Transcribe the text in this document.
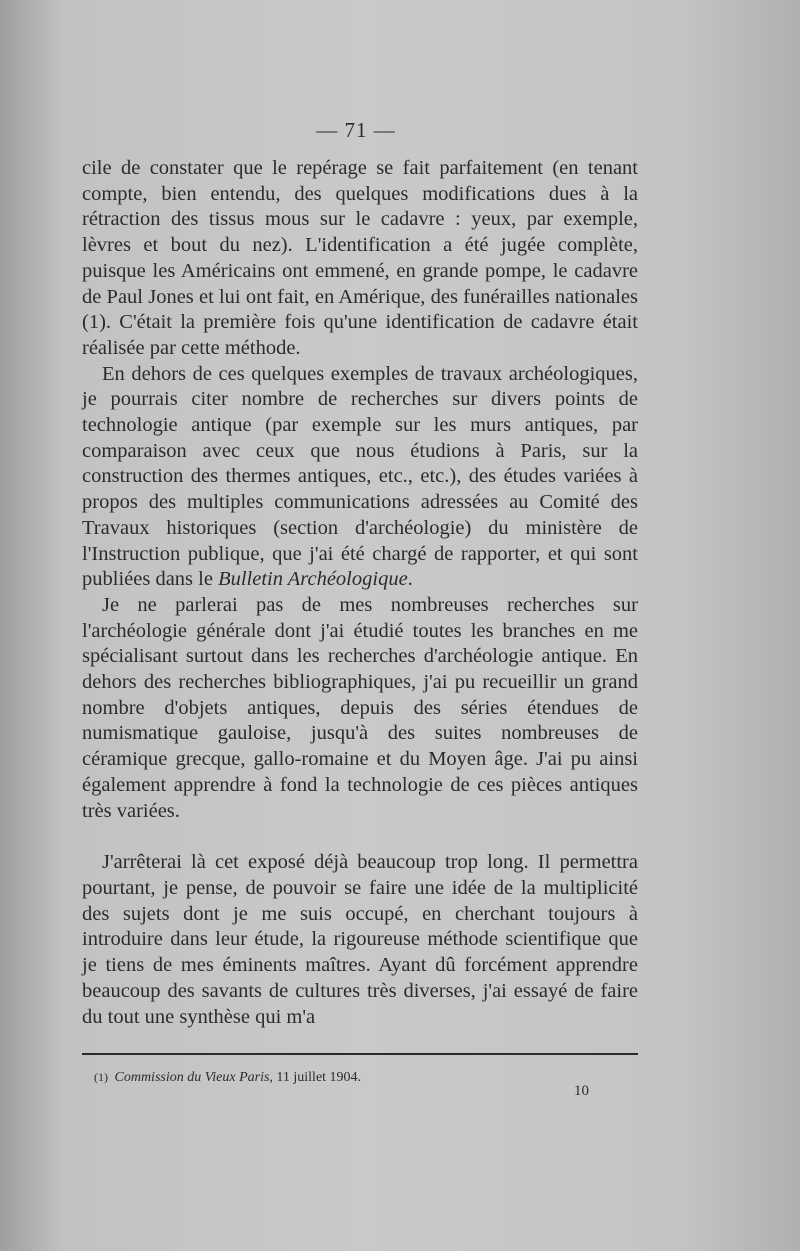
— 71 —

cile de constater que le repérage se fait parfaitement (en tenant compte, bien entendu, des quelques modifications dues à la rétraction des tissus mous sur le cadavre : yeux, par exemple, lèvres et bout du nez). L'identification a été jugée complète, puisque les Américains ont emmené, en grande pompe, le cadavre de Paul Jones et lui ont fait, en Amérique, des funérailles nationales (1). C'était la première fois qu'une identification de cadavre était réalisée par cette méthode.

En dehors de ces quelques exemples de travaux archéologiques, je pourrais citer nombre de recherches sur divers points de technologie antique (par exemple sur les murs antiques, par comparaison avec ceux que nous étudions à Paris, sur la construction des thermes antiques, etc., etc.), des études variées à propos des multiples communications adressées au Comité des Travaux historiques (section d'archéologie) du ministère de l'Instruction publique, que j'ai été chargé de rapporter, et qui sont publiées dans le Bulletin Archéologique.

Je ne parlerai pas de mes nombreuses recherches sur l'archéologie générale dont j'ai étudié toutes les branches en me spécialisant surtout dans les recherches d'archéologie antique. En dehors des recherches bibliographiques, j'ai pu recueillir un grand nombre d'objets antiques, depuis des séries étendues de numismatique gauloise, jusqu'à des suites nombreuses de céramique grecque, gallo-romaine et du Moyen âge. J'ai pu ainsi également apprendre à fond la technologie de ces pièces antiques très variées.

J'arrêterai là cet exposé déjà beaucoup trop long. Il permettra pourtant, je pense, de pouvoir se faire une idée de la multiplicité des sujets dont je me suis occupé, en cherchant toujours à introduire dans leur étude, la rigoureuse méthode scientifique que je tiens de mes éminents maîtres. Ayant dû forcément apprendre beaucoup des savants de cultures très diverses, j'ai essayé de faire du tout une synthèse qui m'a

(1) Commission du Vieux Paris, 11 juillet 1904.
10
